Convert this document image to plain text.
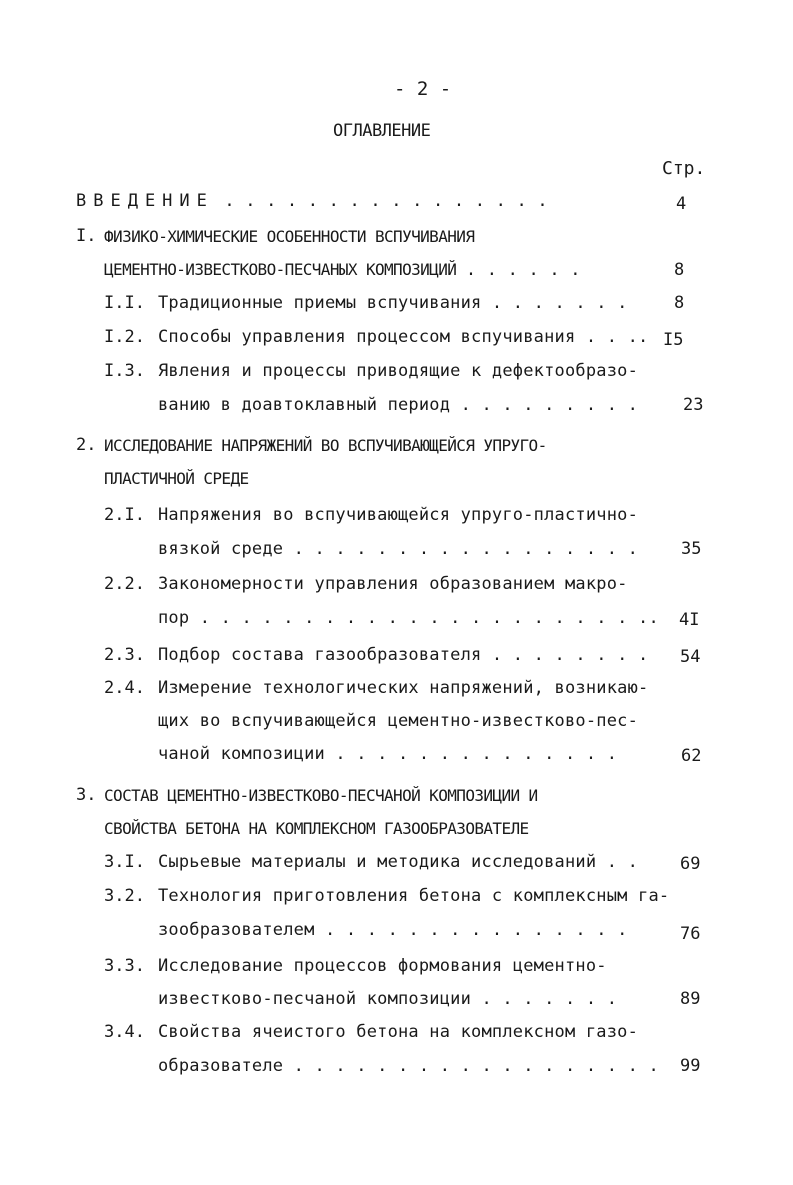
- 2 -
ОГЛАВЛЕНИЕ
Стр.
ВВЕДЕНИЕ . . . . . . . . . . . . . . . .	4
I. ФИЗИКО-ХИМИЧЕСКИЕ ОСОБЕННОСТИ ВСПУЧИВАНИЯ
ЦЕМЕНТНО-ИЗВЕСТКОВО-ПЕСЧАНЫХ КОМПОЗИЦИЙ . . . . . .	8
I.I. Традиционные приемы вспучивания . . . . . . .	8
I.2. Способы управления процессом вспучивания . . .. I5
I.3. Явления и процессы приводящие к дефектообразо-
ванию в доавтоклавный период . . . . . . . . .	23
2. ИССЛЕДОВАНИЕ НАПРЯЖЕНИЙ ВО ВСПУЧИВАЮЩЕЙСЯ УПРУГО-
ПЛАСТИЧНОЙ СРЕДЕ
2.I. Напряжения во вспучивающейся упруго-пластично-
вязкой среде . . . . . . . . . . . . . . . . .	35
2.2. Закономерности управления образованием макро-
пор . . . . . . . . . . . . . . . . . . . . . .. 4I
2.3. Подбор состава газообразователя . . . . . . . . 54
2.4. Измерение технологических напряжений, возникаю-
щих во вспучивающейся цементно-известково-пес-
чаной композиции . . . . . . . . . . . . . .	62
3. СОСТАВ ЦЕМЕНТНО-ИЗВЕСТКОВО-ПЕСЧАНОЙ КОМПОЗИЦИИ И
СВОЙСТВА БЕТОНА НА КОМПЛЕКСНОМ ГАЗООБРАЗОВАТЕЛЕ
3.I. Сырьевые материалы и методика исследований . . 69
3.2. Технология приготовления бетона с комплексным га-
зообразователем . . . . . . . . . . . . . . .	76
3.3. Исследование процессов формования цементно-
известково-песчаной композиции . . . . . . .	89
3.4. Свойства ячеистого бетона на комплексном газо-
образователе . . . . . . . . . . . . . . . . . . 99
